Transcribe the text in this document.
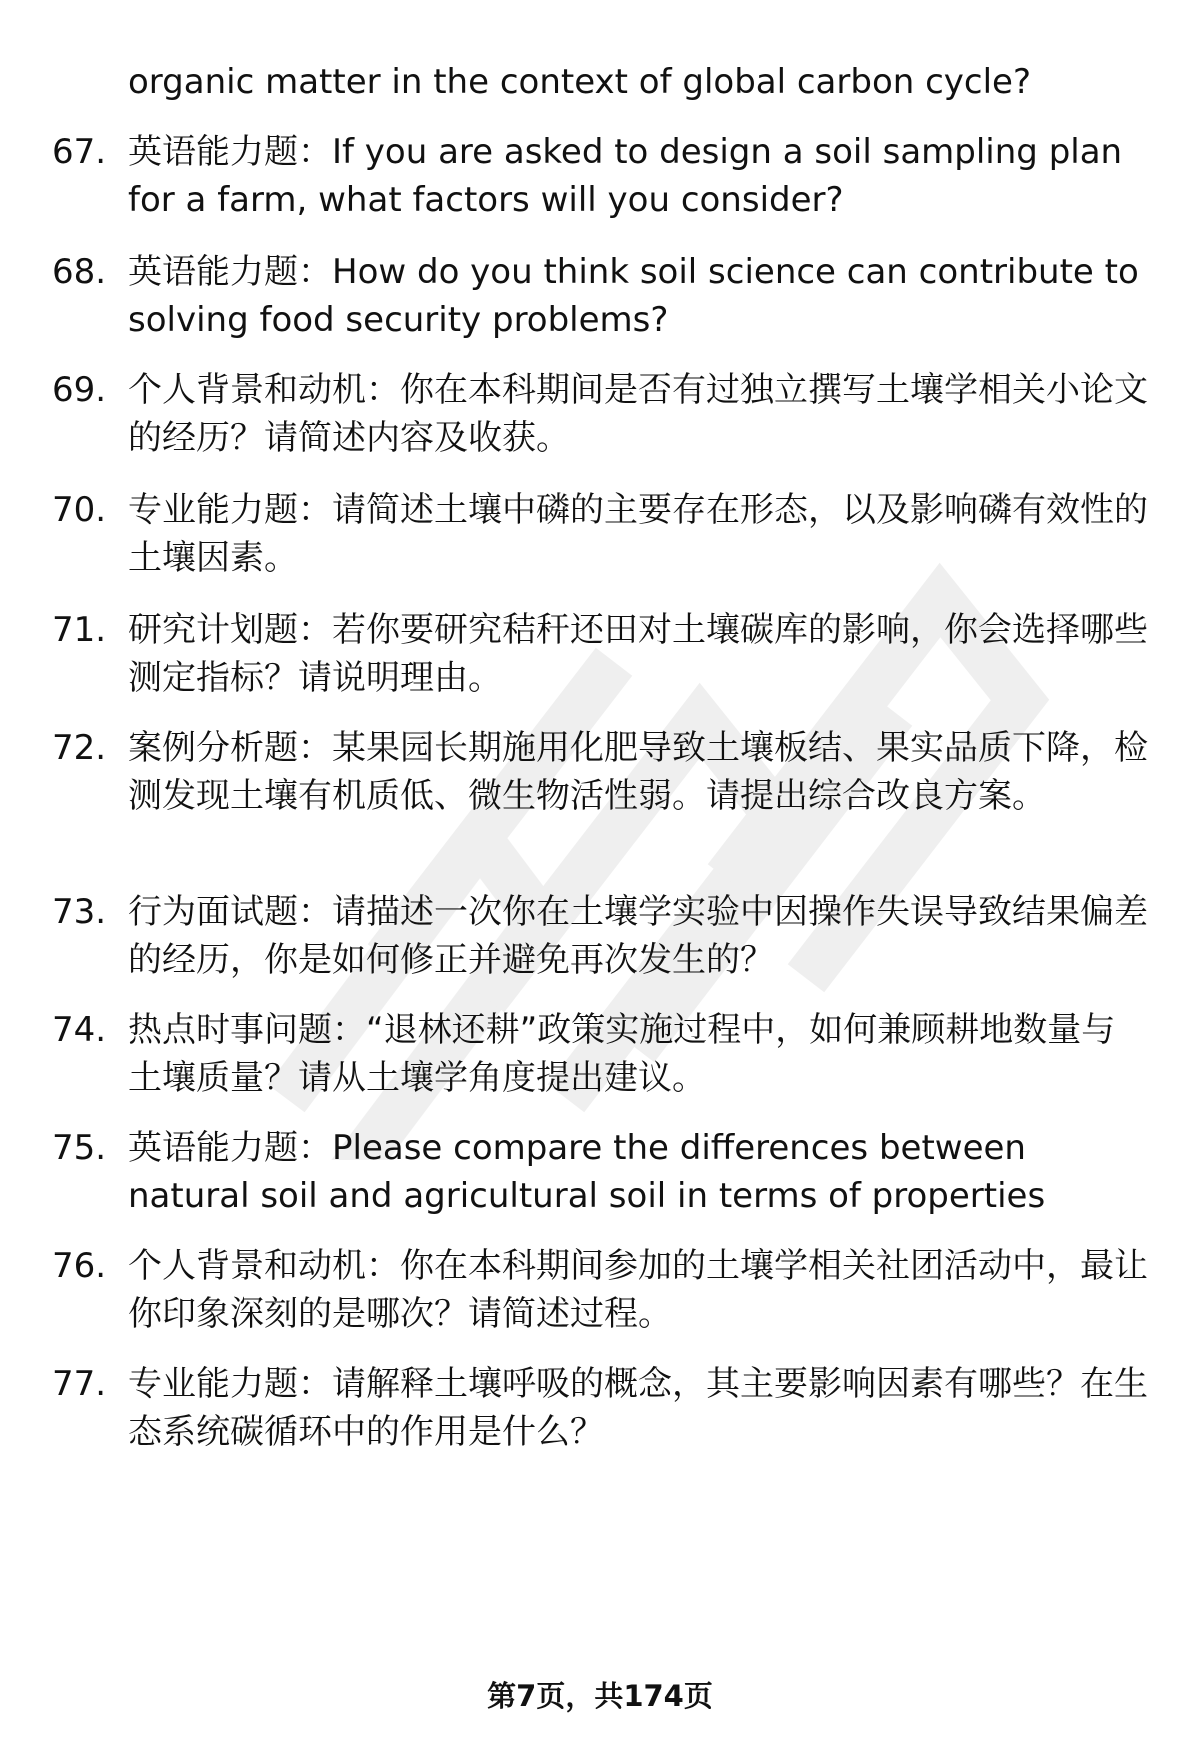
organic matter in the context of global carbon cycle?
67. 英语能力题：If you are asked to design a soil sampling plan for a farm, what factors will you consider?
68. 英语能力题：How do you think soil science can contribute to solving food security problems?
69. 个人背景和动机：你在本科期间是否有过独立撰写土壤学相关小论文的经历？请简述内容及收获。
70. 专业能力题：请简述土壤中磷的主要存在形态，以及影响磷有效性的土壤因素。
71. 研究计划题：若你要研究秸秆还田对土壤碳库的影响，你会选择哪些测定指标？请说明理由。
72. 案例分析题：某果园长期施用化肥导致土壤板结、果实品质下降，检测发现土壤有机质低、微生物活性弱。请提出综合改良方案。
73. 行为面试题：请描述一次你在土壤学实验中因操作失误导致结果偏差的经历，你是如何修正并避免再次发生的？
74. 热点时事问题：“退林还耕”政策实施过程中，如何兼顾耕地数量与土壤质量？请从土壤学角度提出建议。
75. 英语能力题：Please compare the differences between natural soil and agricultural soil in terms of properties
76. 个人背景和动机：你在本科期间参加的土壤学相关社团活动中，最让你印象深刻的是哪次？请简述过程。
77. 专业能力题：请解释土壤呼吸的概念，其主要影响因素有哪些？在生态系统碳循环中的作用是什么？
第7页，共174页
